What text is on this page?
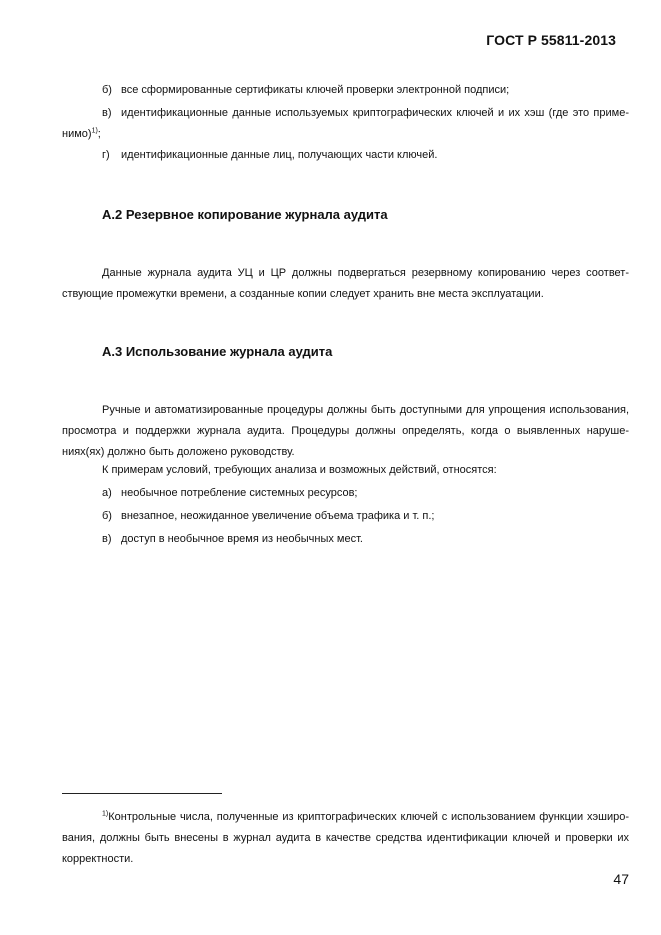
ГОСТ Р 55811-2013
б) все сформированные сертификаты ключей проверки электронной подписи;
в) идентификационные данные используемых криптографических ключей и их хэш (где это приме-
нимо)$^{1)}$;
г) идентификационные данные лиц, получающих части ключей.
А.2 Резервное копирование журнала аудита
Данные журнала аудита УЦ и ЦР должны подвергаться резервному копированию через соответ- ствующие промежутки времени, а созданные копии следует хранить вне места эксплуатации.
А.3 Использование журнала аудита
Ручные и автоматизированные процедуры должны быть доступными для упрощения использования, просмотра и поддержки журнала аудита. Процедуры должны определять, когда о выявленных наруше- ниях(ях) должно быть доложено руководству.
К примерам условий, требующих анализа и возможных действий, относятся:
а) необычное потребление системных ресурсов;
б) внезапное, неожиданное увеличение объема трафика и т. п.;
в) доступ в необычное время из необычных мест.
$^{1)}$Контрольные числа, полученные из криптографических ключей с использованием функции хэширо- вания, должны быть внесены в журнал аудита в качестве средства идентификации ключей и проверки их корректности.
47
